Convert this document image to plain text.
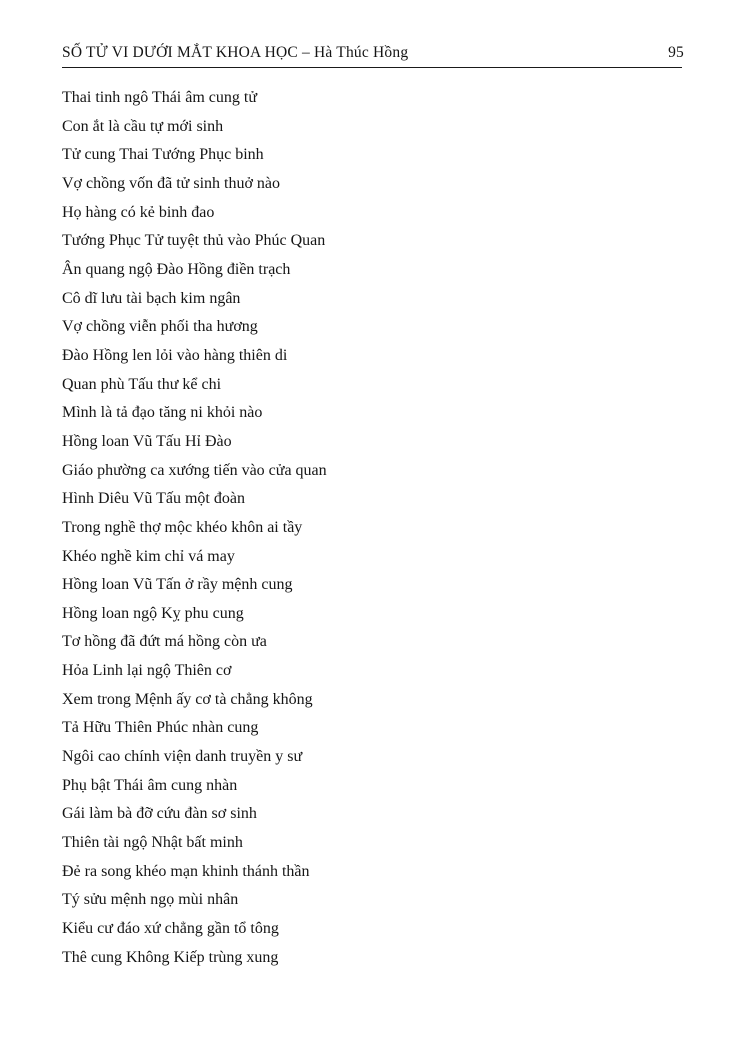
SỐ TỬ VI DƯỚI MẮT KHOA HỌC – Hà Thúc Hồng	95
Thai tinh ngô Thái âm cung tử
Con ắt là cầu tự mới sinh
Tử cung Thai Tướng Phục binh
Vợ chồng vốn đã tử sinh thuở nào
Họ hàng có kẻ binh đao
Tướng Phục Tử tuyệt thủ vào Phúc Quan
Ân quang ngộ Đào Hồng điền trạch
Cô dĩ lưu tài bạch kim ngân
Vợ chồng viễn phối tha hương
Đào Hồng len lỏi vào hàng thiên di
Quan phù Tấu thư kể chi
Mình là tả đạo tăng ni khỏi nào
Hồng loan Vũ Tấu Hỉ Đào
Giáo phường ca xướng tiến vào cửa quan
Hình Diêu Vũ Tấu một đoàn
Trong nghề thợ mộc khéo khôn ai tầy
Khéo nghề kim chỉ vá may
Hồng loan Vũ Tấn ở rầy mệnh cung
Hồng loan ngộ Kỵ phu cung
Tơ hồng đã đứt má hồng còn ưa
Hỏa Linh lại ngộ Thiên cơ
Xem trong Mệnh ấy cơ tà chẳng không
Tả Hữu Thiên Phúc nhàn cung
Ngôi cao chính viện danh truyền y sư
Phụ bật Thái âm cung nhàn
Gái làm bà đỡ cứu đàn sơ sinh
Thiên tài ngộ Nhật bất minh
Đẻ ra song khéo mạn khinh thánh thần
Tý sửu mệnh ngọ mùi nhân
Kiểu cư đáo xứ chẳng gần tổ tông
Thê cung Không Kiếp trùng xung
